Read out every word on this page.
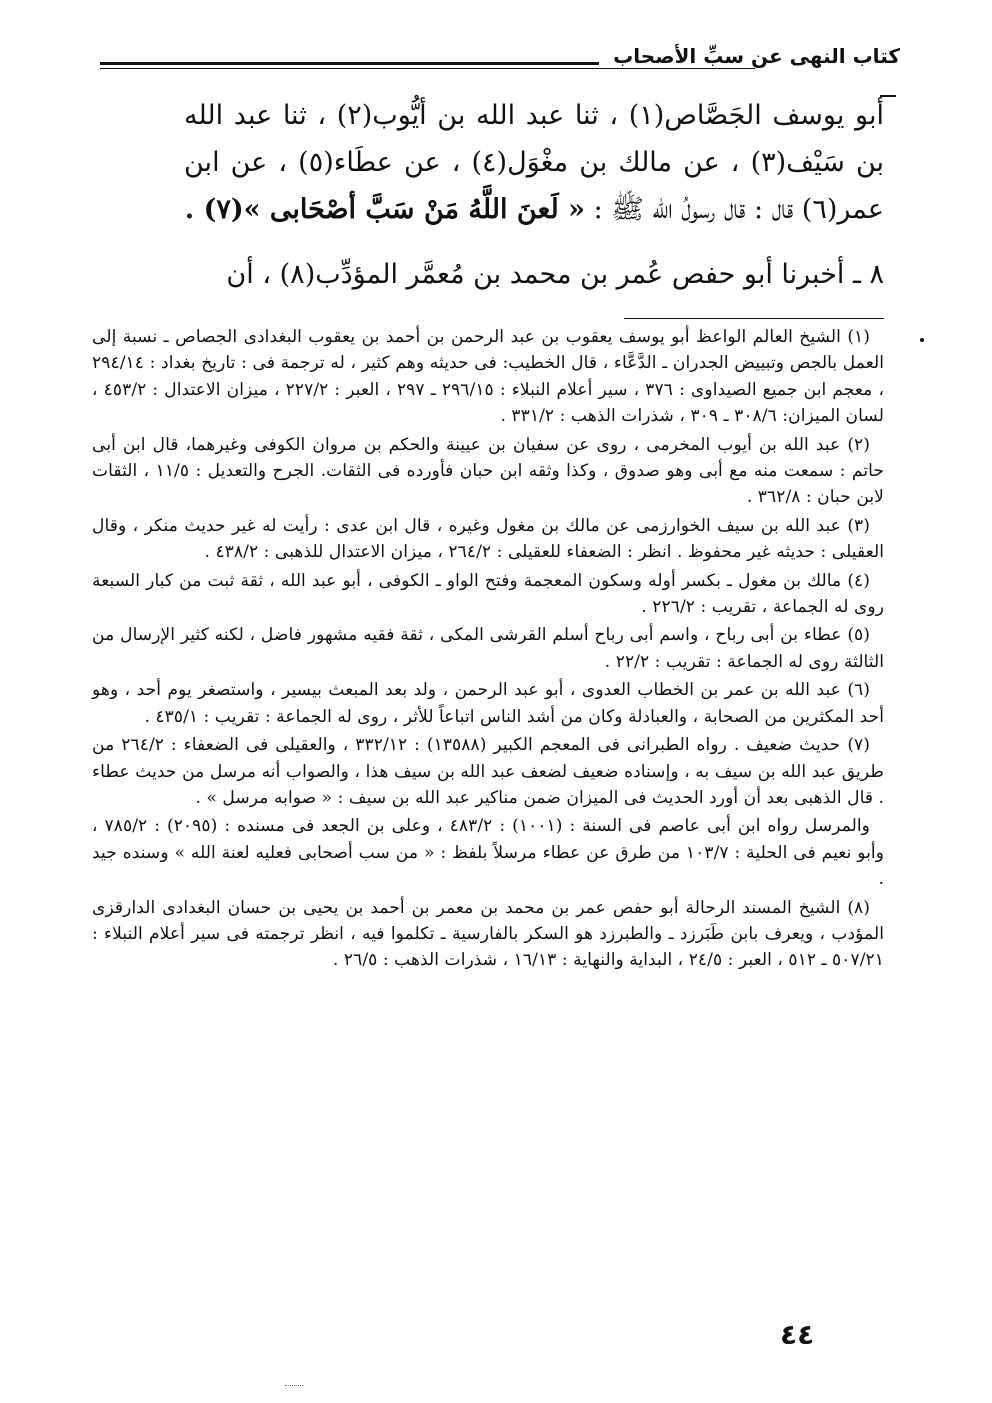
كتاب النهى عن سبِّ الأصحاب

أبو يوسف الجَصَّاص(١) ، ثنا عبد الله بن أيُّوب(٢) ، ثنا عبد الله بن سَيْف(٣) ، عن مالك بن مغْوَل(٤) ، عن عطَاء(٥) ، عن ابن عمر(٦) قال : قال رسولُ الله ﷺ : « لَعنَ اللَّهُ مَنْ سَبَّ أصْحَابى »(٧) .

٨ ـ أخبرنا أبو حفص عُمر بن محمد بن مُعمَّر المؤدِّب(٨) ، أن

(١) الشيخ العالم الواعظ أبو يوسف يعقوب بن عبد الرحمن بن أحمد بن يعقوب البغدادى الجصاص ـ نسبة إلى العمل بالجص وتبييض الجدران ـ الدَّعَّاء ، قال الخطيب: فى حديثه وهم كثير ، له ترجمة فى : تاريخ بغداد : ٢٩٤/١٤ ، معجم ابن جميع الصيداوى : ٣٧٦ ، سير أعلام النبلاء : ٢٩٦/١٥ ـ ٢٩٧ ، العبر : ٢٢٧/٢ ، ميزان الاعتدال : ٤٥٣/٢ ، لسان الميزان: ٣٠٨/٦ ـ ٣٠٩ ، شذرات الذهب : ٣٣١/٢ .

(٢) عبد الله بن أيوب المخرمى ، روى عن سفيان بن عيينة والحكم بن مروان الكوفى وغيرهما، قال ابن أبى حاتم : سمعت منه مع أبى وهو صدوق ، وكذا وثقه ابن حبان فأورده فى الثقات. الجرح والتعديل : ١١/٥ ، الثقات لابن حبان : ٣٦٢/٨ .

(٣) عبد الله بن سيف الخوارزمى عن مالك بن مغول وغيره ، قال ابن عدى : رأيت له غير حديث منكر ، وقال العقيلى : حديثه غير محفوظ . انظر : الضعفاء للعقيلى : ٢٦٤/٢ ، ميزان الاعتدال للذهبى : ٤٣٨/٢ .

(٤) مالك بن مغول ـ بكسر أوله وسكون المعجمة وفتح الواو ـ الكوفى ، أبو عبد الله ، ثقة ثبت من كبار السبعة روى له الجماعة ، تقريب : ٢٢٦/٢ .

(٥) عطاء بن أبى رباح ، واسم أبى رباح أسلم القرشى المكى ، ثقة فقيه مشهور فاضل ، لكنه كثير الإرسال من الثالثة روى له الجماعة : تقريب : ٢٢/٢ .

(٦) عبد الله بن عمر بن الخطاب العدوى ، أبو عبد الرحمن ، ولد بعد المبعث بيسير ، واستصغر يوم أحد ، وهو أحد المكثرين من الصحابة ، والعبادلة وكان من أشد الناس اتباعاً للأثر ، روى له الجماعة : تقريب : ٤٣٥/١ .

(٧) حديث ضعيف . رواه الطبرانى فى المعجم الكبير (١٣٥٨٨) : ٣٣٢/١٢ ، والعقيلى فى الضعفاء : ٢٦٤/٢ من طريق عبد الله بن سيف به ، وإسناده ضعيف لضعف عبد الله بن سيف هذا ، والصواب أنه مرسل من حديث عطاء . قال الذهبى بعد أن أورد الحديث فى الميزان ضمن مناكير عبد الله بن سيف : « صوابه مرسل » .

والمرسل رواه ابن أبى عاصم فى السنة : (١٠٠١) : ٤٨٣/٢ ، وعلى بن الجعد فى مسنده : (٢٠٩٥) : ٧٨٥/٢ ، وأبو نعيم فى الحلية : ١٠٣/٧ من طرق عن عطاء مرسلاً بلفظ : « من سب أصحابى فعليه لعنة الله » وسنده جيد .

(٨) الشيخ المسند الرحالة أبو حفص عمر بن محمد بن معمر بن أحمد بن يحيى بن حسان البغدادى الدارقزى المؤدب ، ويعرف بابن طَبَرزد ـ والطبرزد هو السكر بالفارسية ـ تكلموا فيه ، انظر ترجمته فى سير أعلام النبلاء : ٥٠٧/٢١ ـ ٥١٢ ، العبر : ٢٤/٥ ، البداية والنهاية : ١٦/١٣ ، شذرات الذهب : ٢٦/٥ .

٤٤
